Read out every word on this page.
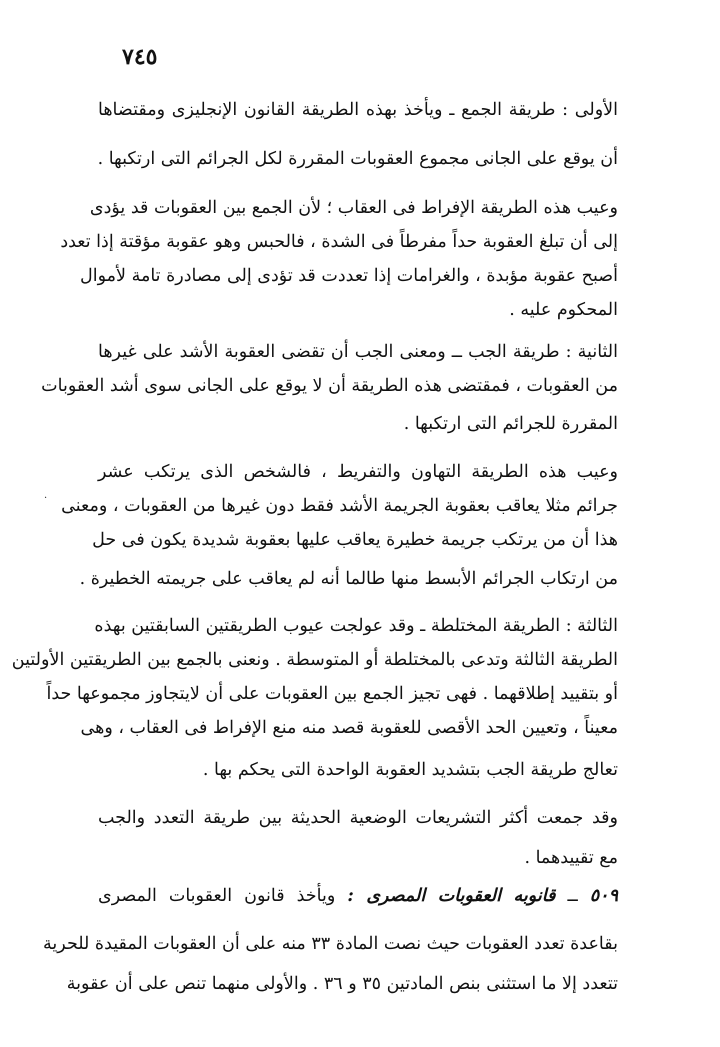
٧٤٥
·
الأولى : طريقة الجمع ـ ويأخذ بهذه الطريقة القانون الإنجليزى ومقتضاها
أن يوقع على الجانى مجموع العقوبات المقررة لكل الجرائم التى ارتكبها .
وعيب هذه الطريقة الإفراط فى العقاب ؛ لأن الجمع بين العقوبات قد يؤدى
إلى أن تبلغ العقوبة حداً مفرطاً فى الشدة ، فالحبس وهو عقوبة مؤقتة إذا تعدد
أصبح عقوبة مؤبدة ، والغرامات إذا تعددت قد تؤدى إلى مصادرة تامة لأموال
المحكوم عليه .
الثانية : طريقة الجب ــ ومعنى الجب أن تقضى العقوبة الأشد على غيرها
من العقوبات ، فمقتضى هذه الطريقة أن لا يوقع على الجانى سوى أشد العقوبات
المقررة للجرائم التى ارتكبها .
وعيب هذه الطريقة التهاون والتفريط ، فالشخص الذى يرتكب عشر
جرائم مثلا يعاقب بعقوبة الجريمة الأشد فقط دون غيرها من العقوبات ، ومعنى
هذا أن من يرتكب جريمة خطيرة يعاقب عليها بعقوبة شديدة يكون فى حل
من ارتكاب الجرائم الأبسط منها طالما أنه لم يعاقب على جريمته الخطيرة .
الثالثة : الطريقة المختلطة ـ وقد عولجت عيوب الطريقتين السابقتين بهذه
الطريقة الثالثة وتدعى بالمختلطة أو المتوسطة . ونعنى بالجمع بين الطريقتين الأولتين
أو بتقييد إطلاقهما . فهى تجيز الجمع بين العقوبات على أن لايتجاوز مجموعها حداً
معيناً ، وتعيين الحد الأقصى للعقوبة قصد منه منع الإفراط فى العقاب ، وهى
تعالج طريقة الجب بتشديد العقوبة الواحدة التى يحكم بها .
وقد جمعت أكثر التشريعات الوضعية الحديثة بين طريقة التعدد والجب
مع تقييدهما .
٥٠٩ ــ قانوبه العقوبات المصرى : ويأخذ قانون العقوبات المصرى
بقاعدة تعدد العقوبات حيث نصت المادة ٣٣ منه على أن العقوبات المقيدة للحرية
تتعدد إلا ما استثنى بنص المادتين ٣٥ و ٣٦ . والأولى منهما تنص على أن عقوبة
